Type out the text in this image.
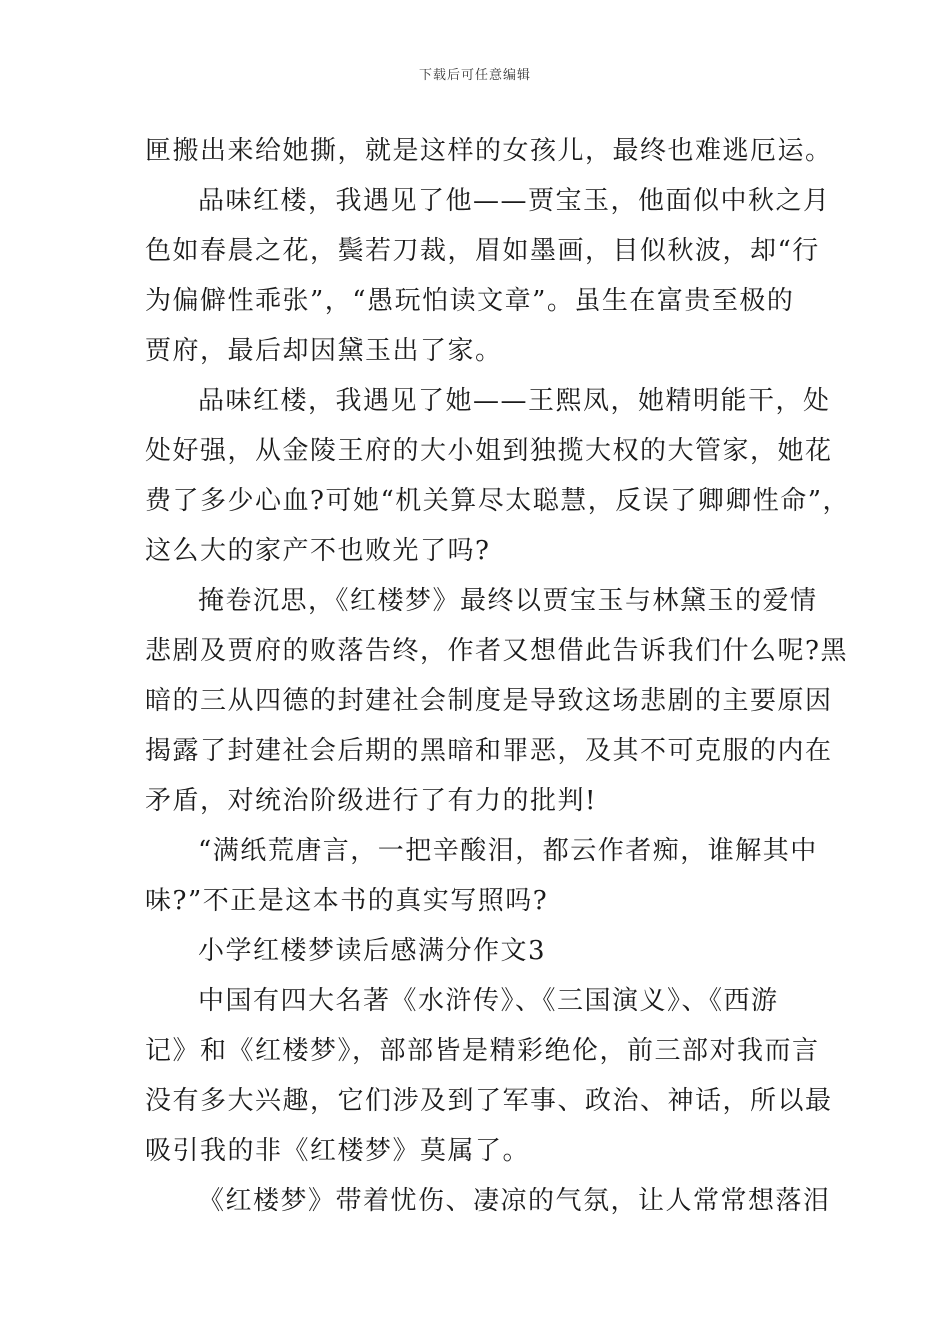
下载后可任意编辑
匣搬出来给她撕，就是这样的女孩儿，最终也难逃厄运。
品味红楼，我遇见了他——贾宝玉，他面似中秋之月
色如春晨之花，鬓若刀裁，眉如墨画，目似秋波，却“行
为偏僻性乖张”，“愚玩怕读文章”。虽生在富贵至极的
贾府，最后却因黛玉出了家。
品味红楼，我遇见了她——王熙凤，她精明能干，处
处好强，从金陵王府的大小姐到独揽大权的大管家，她花
费了多少心血?可她“机关算尽太聪慧，反误了卿卿性命”，
这么大的家产不也败光了吗?
掩卷沉思，《红楼梦》最终以贾宝玉与林黛玉的爱情
悲剧及贾府的败落告终，作者又想借此告诉我们什么呢?黑
暗的三从四德的封建社会制度是导致这场悲剧的主要原因
揭露了封建社会后期的黑暗和罪恶，及其不可克服的内在
矛盾，对统治阶级进行了有力的批判!
“满纸荒唐言，一把辛酸泪，都云作者痴，谁解其中
味?”不正是这本书的真实写照吗?
小学红楼梦读后感满分作文3
中国有四大名著《水浒传》、《三国演义》、《西游
记》和《红楼梦》，部部皆是精彩绝伦，前三部对我而言
没有多大兴趣，它们涉及到了军事、政治、神话，所以最
吸引我的非《红楼梦》莫属了。
《红楼梦》带着忧伤、凄凉的气氛，让人常常想落泪
